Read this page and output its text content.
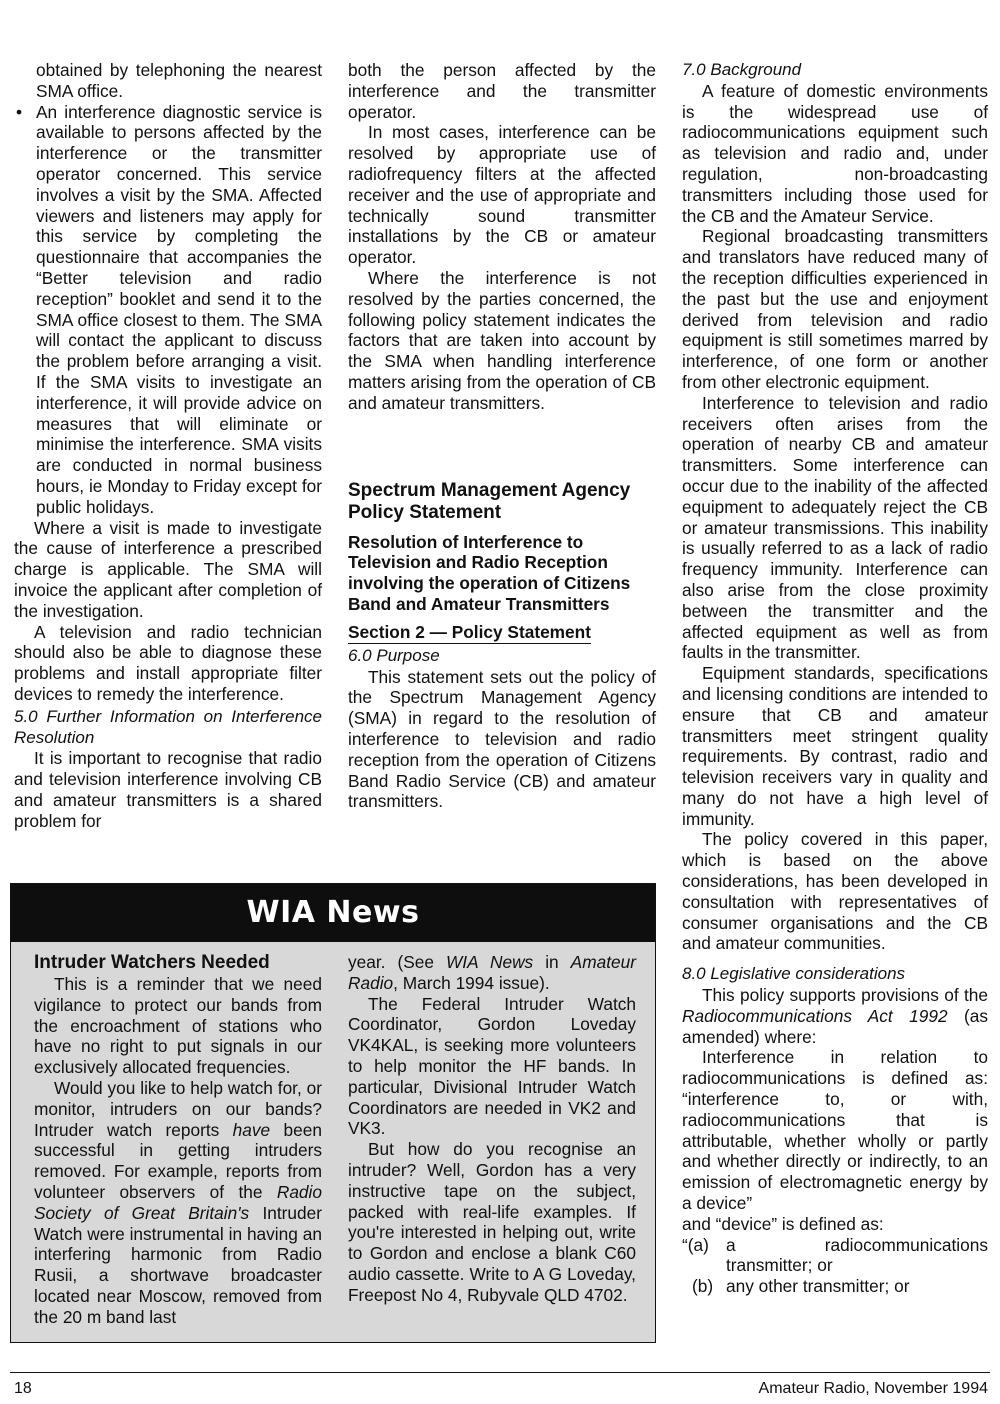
obtained by telephoning the nearest SMA office.

• An interference diagnostic service is available to persons affected by the interference or the transmitter operator concerned. This service involves a visit by the SMA. Affected viewers and listeners may apply for this service by completing the questionnaire that accompanies the “Better television and radio reception” booklet and send it to the SMA office closest to them. The SMA will contact the applicant to discuss the problem before arranging a visit. If the SMA visits to investigate an interference, it will provide advice on measures that will eliminate or minimise the interference. SMA visits are conducted in normal business hours, ie Monday to Friday except for public holidays.

Where a visit is made to investigate the cause of interference a prescribed charge is applicable. The SMA will invoice the applicant after completion of the investigation.

A television and radio technician should also be able to diagnose these problems and install appropriate filter devices to remedy the interference.

5.0 Further Information on Interference Resolution

It is important to recognise that radio and television interference involving CB and amateur transmitters is a shared problem for

both the person affected by the interference and the transmitter operator.

In most cases, interference can be resolved by appropriate use of radiofrequency filters at the affected receiver and the use of appropriate and technically sound transmitter installations by the CB or amateur operator.

Where the interference is not resolved by the parties concerned, the following policy statement indicates the factors that are taken into account by the SMA when handling interference matters arising from the operation of CB and amateur transmitters.

Spectrum Management Agency Policy Statement
Resolution of Interference to Television and Radio Reception involving the operation of Citizens Band and Amateur Transmitters
Section 2 — Policy Statement
6.0 Purpose

This statement sets out the policy of the Spectrum Management Agency (SMA) in regard to the resolution of interference to television and radio reception from the operation of Citizens Band Radio Service (CB) and amateur transmitters.

7.0 Background

A feature of domestic environments is the widespread use of radiocommunications equipment such as television and radio and, under regulation, non-broadcasting transmitters including those used for the CB and the Amateur Service.

Regional broadcasting transmitters and translators have reduced many of the reception difficulties experienced in the past but the use and enjoyment derived from television and radio equipment is still sometimes marred by interference, of one form or another from other electronic equipment.

Interference to television and radio receivers often arises from the operation of nearby CB and amateur transmitters. Some interference can occur due to the inability of the affected equipment to adequately reject the CB or amateur transmissions. This inability is usually referred to as a lack of radio frequency immunity. Interference can also arise from the close proximity between the transmitter and the affected equipment as well as from faults in the transmitter.

Equipment standards, specifications and licensing conditions are intended to ensure that CB and amateur transmitters meet stringent quality requirements. By contrast, radio and television receivers vary in quality and many do not have a high level of immunity.

The policy covered in this paper, which is based on the above considerations, has been developed in consultation with representatives of consumer organisations and the CB and amateur communities.

8.0 Legislative considerations

This policy supports provisions of the Radiocommunications Act 1992 (as amended) where:

Interference in relation to radiocommunications is defined as: “interference to, or with, radiocommunications that is attributable, whether wholly or partly and whether directly or indirectly, to an emission of electromagnetic energy by a device”

and “device” is defined as:

“(a) a radiocommunications transmitter; or

(b) any other transmitter; or

WIA News
Intruder Watchers Needed

This is a reminder that we need vigilance to protect our bands from the encroachment of stations who have no right to put signals in our exclusively allocated frequencies.

Would you like to help watch for, or monitor, intruders on our bands? Intruder watch reports have been successful in getting intruders removed. For example, reports from volunteer observers of the Radio Society of Great Britain's Intruder Watch were instrumental in having an interfering harmonic from Radio Rusii, a shortwave broadcaster located near Moscow, removed from the 20 m band last

year. (See WIA News in Amateur Radio, March 1994 issue).

The Federal Intruder Watch Coordinator, Gordon Loveday VK4KAL, is seeking more volunteers to help monitor the HF bands. In particular, Divisional Intruder Watch Coordinators are needed in VK2 and VK3.

But how do you recognise an intruder? Well, Gordon has a very instructive tape on the subject, packed with real-life examples. If you're interested in helping out, write to Gordon and enclose a blank C60 audio cassette. Write to A G Loveday, Freepost No 4, Rubyvale QLD 4702.

18	Amateur Radio, November 1994
